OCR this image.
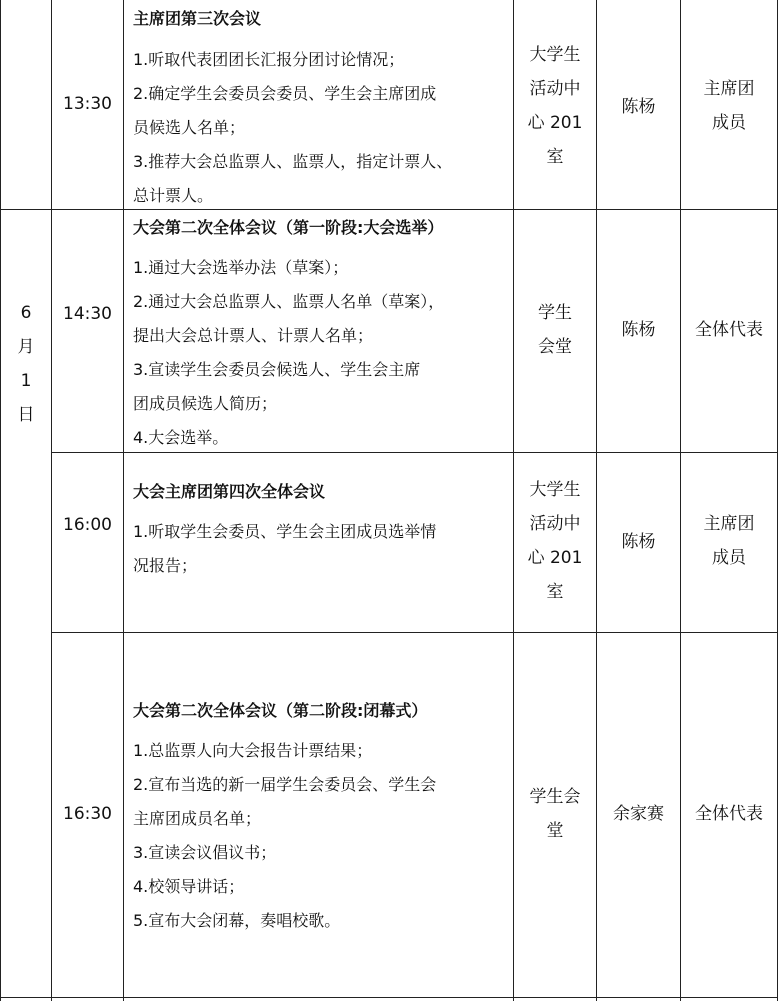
6
月
1
日
13:30
主席团第三次会议
1.听取代表团团长汇报分团讨论情况；
2.确定学生会委员会委员、学生会主席团成
员候选人名单；
3.推荐大会总监票人、监票人，指定计票人、
总计票人。
大学生
活动中
心 201
室
陈杨
主席团
成员
14:30
大会第二次全体会议（第一阶段:大会选举）
1.通过大会选举办法（草案）；
2.通过大会总监票人、监票人名单（草案），
提出大会总计票人、计票人名单；
3.宣读学生会委员会候选人、学生会主席
团成员候选人简历；
4.大会选举。
学生
会堂
陈杨	全体代表
16:00
大会主席团第四次全体会议
1.听取学生会委员、学生会主团成员选举情
况报告；
大学生
活动中
心 201
室
陈杨
主席团
成员
16:30
大会第二次全体会议（第二阶段:闭幕式）
1.总监票人向大会报告计票结果；
2.宣布当选的新一届学生会委员会、学生会
主席团成员名单；
3.宣读会议倡议书；
4.校领导讲话；
5.宣布大会闭幕，奏唱校歌。
学生会
堂
余家赛	全体代表
